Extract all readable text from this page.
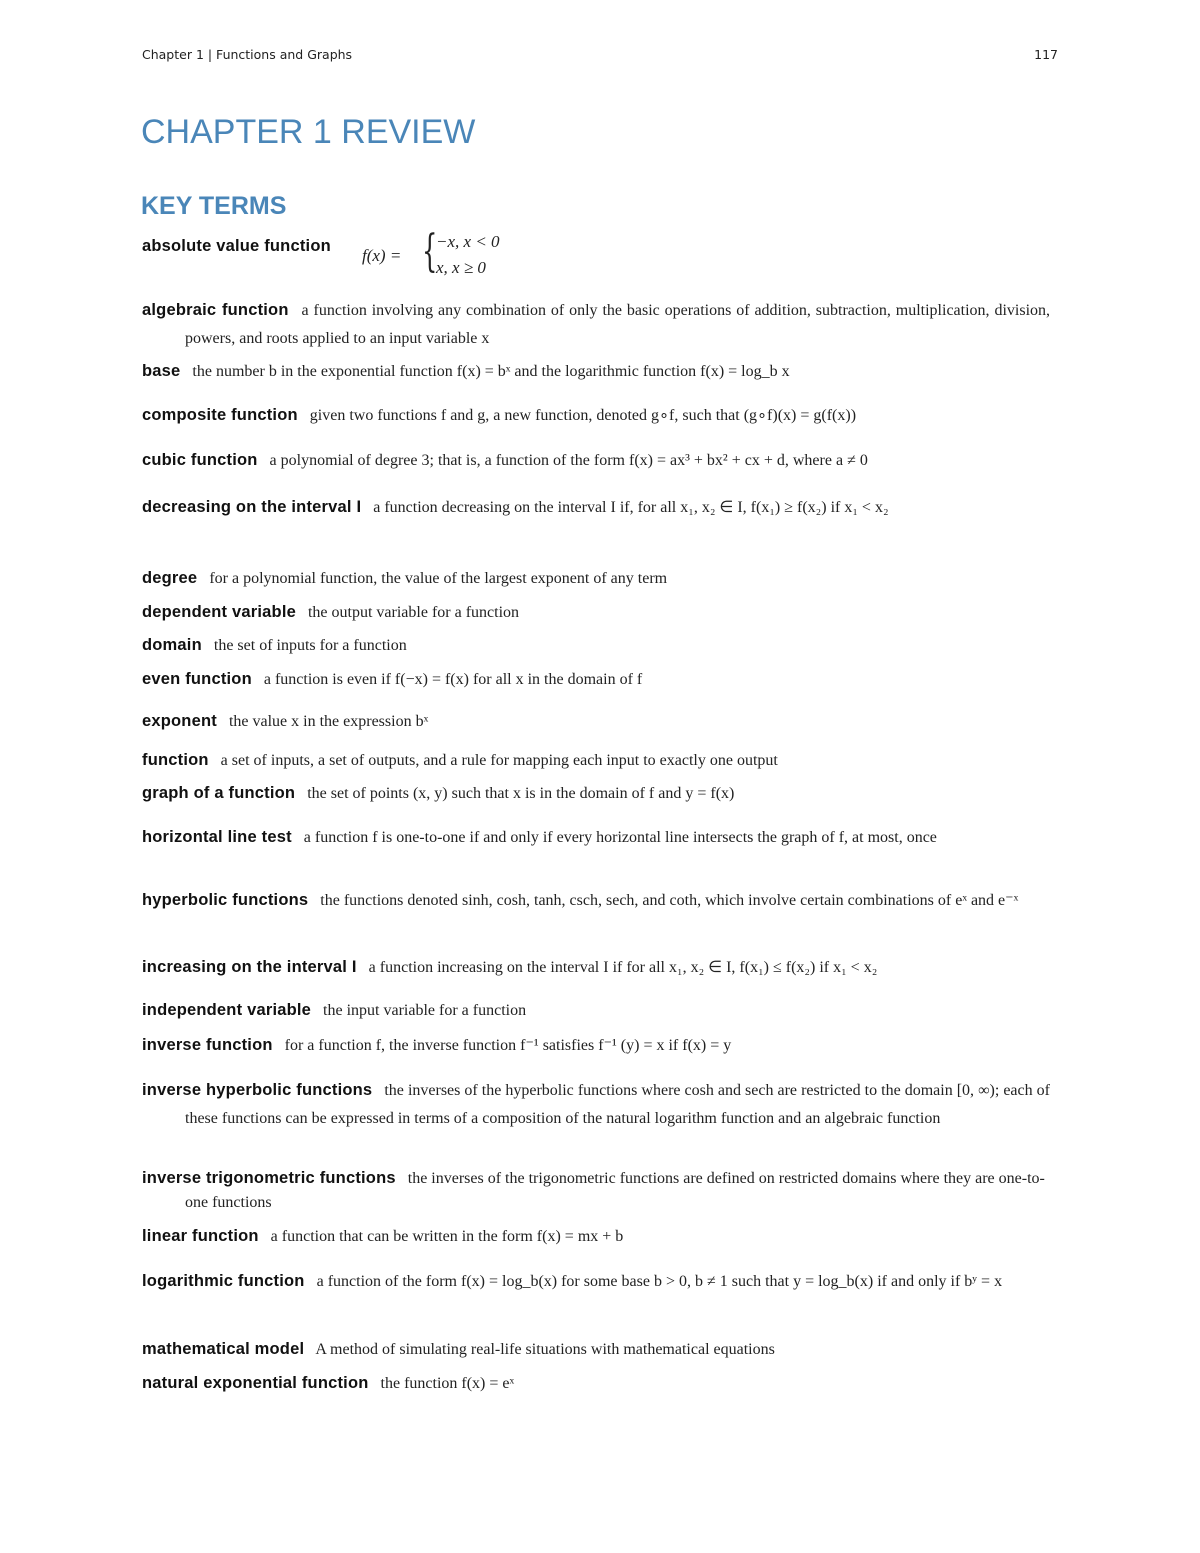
Chapter 1 | Functions and Graphs	117
CHAPTER 1 REVIEW
KEY TERMS
absolute value function
algebraic function a function involving any combination of only the basic operations of addition, subtraction, multiplication, division, powers, and roots applied to an input variable x
base the number b in the exponential function f(x) = bˣ and the logarithmic function f(x) = log_b x
composite function given two functions f and g, a new function, denoted g∘f, such that (g∘f)(x) = g(f(x))
cubic function a polynomial of degree 3; that is, a function of the form f(x) = ax³ + bx² + cx + d, where a ≠ 0
decreasing on the interval I a function decreasing on the interval I if, for all x₁, x₂ ∈ I, f(x₁) ≥ f(x₂) if x₁ < x₂
degree for a polynomial function, the value of the largest exponent of any term
dependent variable the output variable for a function
domain the set of inputs for a function
even function a function is even if f(−x) = f(x) for all x in the domain of f
exponent the value x in the expression bˣ
function a set of inputs, a set of outputs, and a rule for mapping each input to exactly one output
graph of a function the set of points (x, y) such that x is in the domain of f and y = f(x)
horizontal line test a function f is one-to-one if and only if every horizontal line intersects the graph of f, at most, once
hyperbolic functions the functions denoted sinh, cosh, tanh, csch, sech, and coth, which involve certain combinations of eˣ and e⁻ˣ
increasing on the interval I a function increasing on the interval I if for all x₁, x₂ ∈ I, f(x₁) ≤ f(x₂) if x₁ < x₂
independent variable the input variable for a function
inverse function for a function f, the inverse function f⁻¹ satisfies f⁻¹ (y) = x if f(x) = y
inverse hyperbolic functions the inverses of the hyperbolic functions where cosh and sech are restricted to the domain [0, ∞); each of these functions can be expressed in terms of a composition of the natural logarithm function and an algebraic function
inverse trigonometric functions the inverses of the trigonometric functions are defined on restricted domains where they are one-to-one functions
linear function a function that can be written in the form f(x) = mx + b
logarithmic function a function of the form f(x) = log_b(x) for some base b > 0, b ≠ 1 such that y = log_b(x) if and only if bʸ = x
mathematical model A method of simulating real-life situations with mathematical equations
natural exponential function the function f(x) = eˣ
f(x) = {
−x, x < 0
x, x ≥ 0
